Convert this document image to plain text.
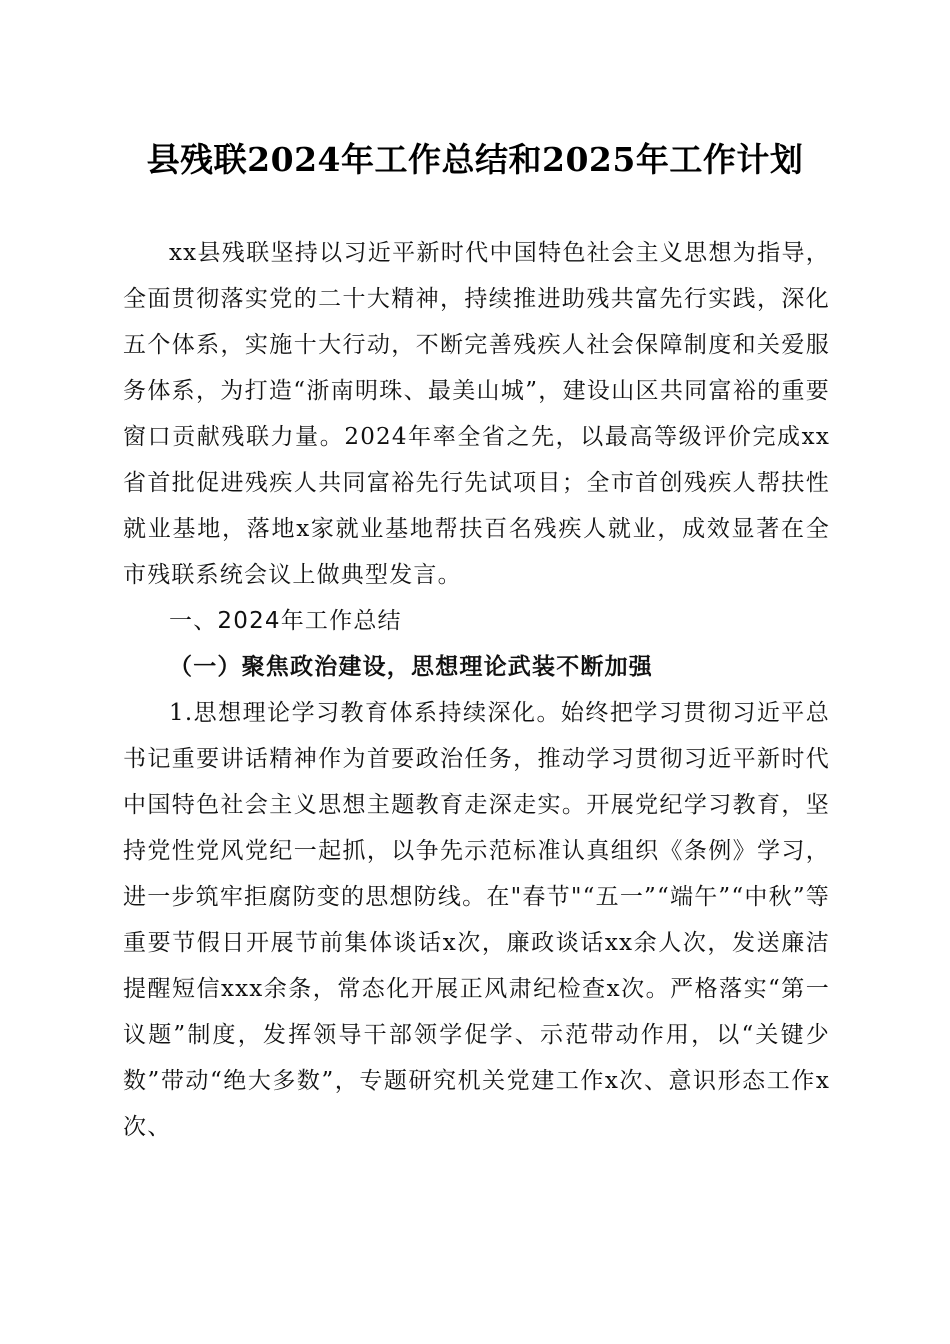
县残联2024年工作总结和2025年工作计划

xx县残联坚持以习近平新时代中国特色社会主义思想为指导，全面贯彻落实党的二十大精神，持续推进助残共富先行实践，深化五个体系，实施十大行动，不断完善残疾人社会保障制度和关爱服务体系，为打造“浙南明珠、最美山城”，建设山区共同富裕的重要窗口贡献残联力量。2024年率全省之先，以最高等级评价完成xx省首批促进残疾人共同富裕先行先试项目；全市首创残疾人帮扶性就业基地，落地x家就业基地帮扶百名残疾人就业，成效显著在全市残联系统会议上做典型发言。

一、2024年工作总结

（一）聚焦政治建设，思想理论武装不断加强

1.思想理论学习教育体系持续深化。始终把学习贯彻习近平总书记重要讲话精神作为首要政治任务，推动学习贯彻习近平新时代中国特色社会主义思想主题教育走深走实。开展党纪学习教育，坚持党性党风党纪一起抓，以争先示范标准认真组织《条例》学习，进一步筑牢拒腐防变的思想防线。在"春节"“五一”“端午”“中秋”等重要节假日开展节前集体谈话x次，廉政谈话xx余人次，发送廉洁提醒短信xxx余条，常态化开展正风肃纪检查x次。严格落实“第一议题”制度，发挥领导干部领学促学、示范带动作用，以“关键少数”带动“绝大多数”，专题研究机关党建工作x次、意识形态工作x次、
